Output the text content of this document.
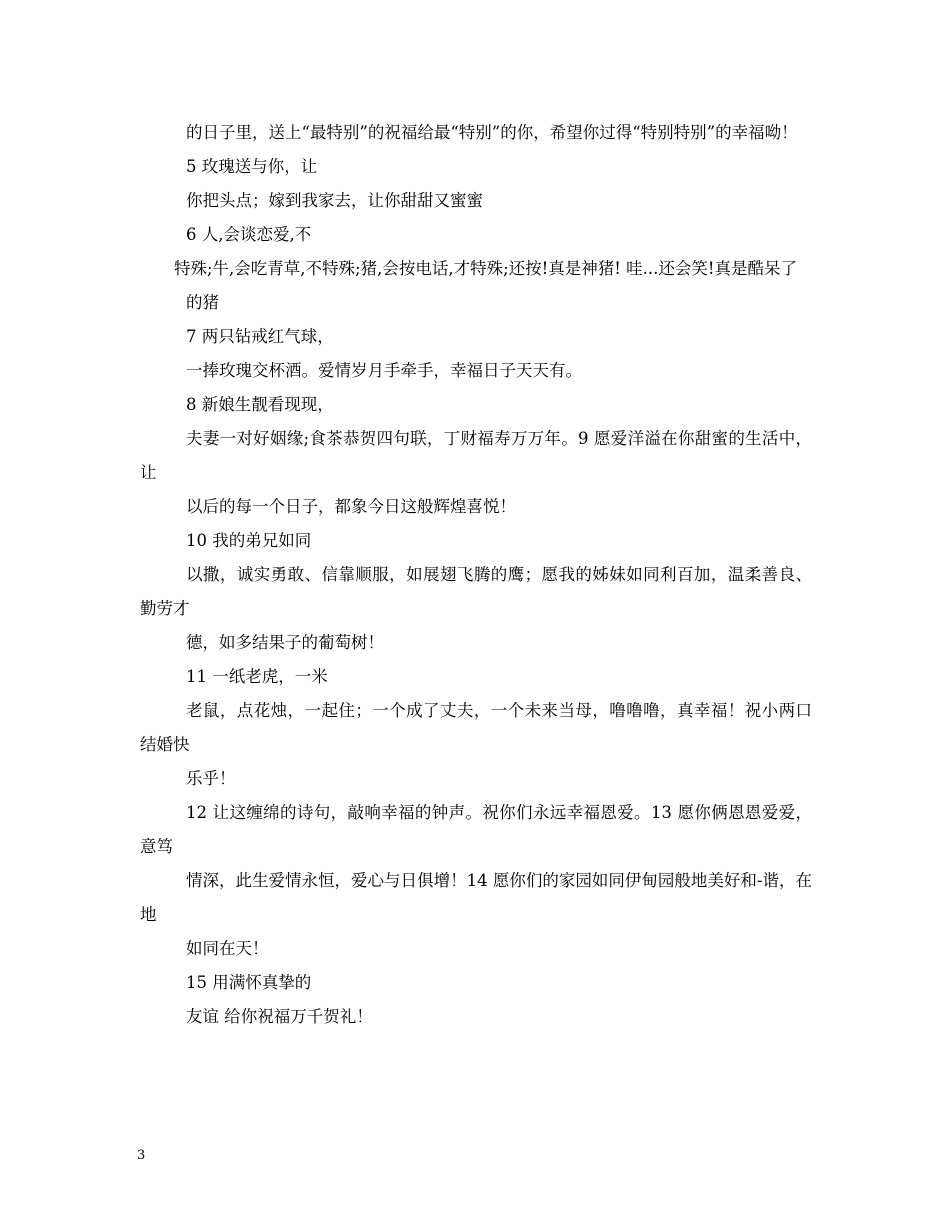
的日子里，送上“最特别”的祝福给最“特别”的你，希望你过得“特别特别”的幸福呦！

5 玫瑰送与你，让

你把头点；嫁到我家去，让你甜甜又蜜蜜

6 人,会谈恋爱,不

特殊;牛,会吃青草,不特殊;猪,会按电话,才特殊;还按!真是神猪! 哇...还会笑!真是酷呆了

的猪

7 两只钻戒红气球，

一捧玫瑰交杯酒。爱情岁月手牵手，幸福日子天天有。

8 新娘生靓看现现，

夫妻一对好姻缘;食茶恭贺四句联，丁财福寿万万年。9 愿爱洋溢在你甜蜜的生活中，让

以后的每一个日子，都象今日这般辉煌喜悦！

10 我的弟兄如同

以撒，诚实勇敢、信靠顺服，如展翅飞腾的鹰；愿我的姊妹如同利百加，温柔善良、勤劳才

德，如多结果子的葡萄树！

11 一纸老虎，一米

老鼠，点花烛，一起住；一个成了丈夫，一个未来当母，噜噜噜，真幸福！祝小两口结婚快

乐乎！

12 让这缠绵的诗句，敲响幸福的钟声。祝你们永远幸福恩爱。13 愿你俩恩恩爱爱，意笃

情深，此生爱情永恒，爱心与日俱增！14 愿你们的家园如同伊甸园般地美好和-谐，在地

如同在天！

15 用满怀真挚的

友谊 给你祝福万千贺礼！

3
